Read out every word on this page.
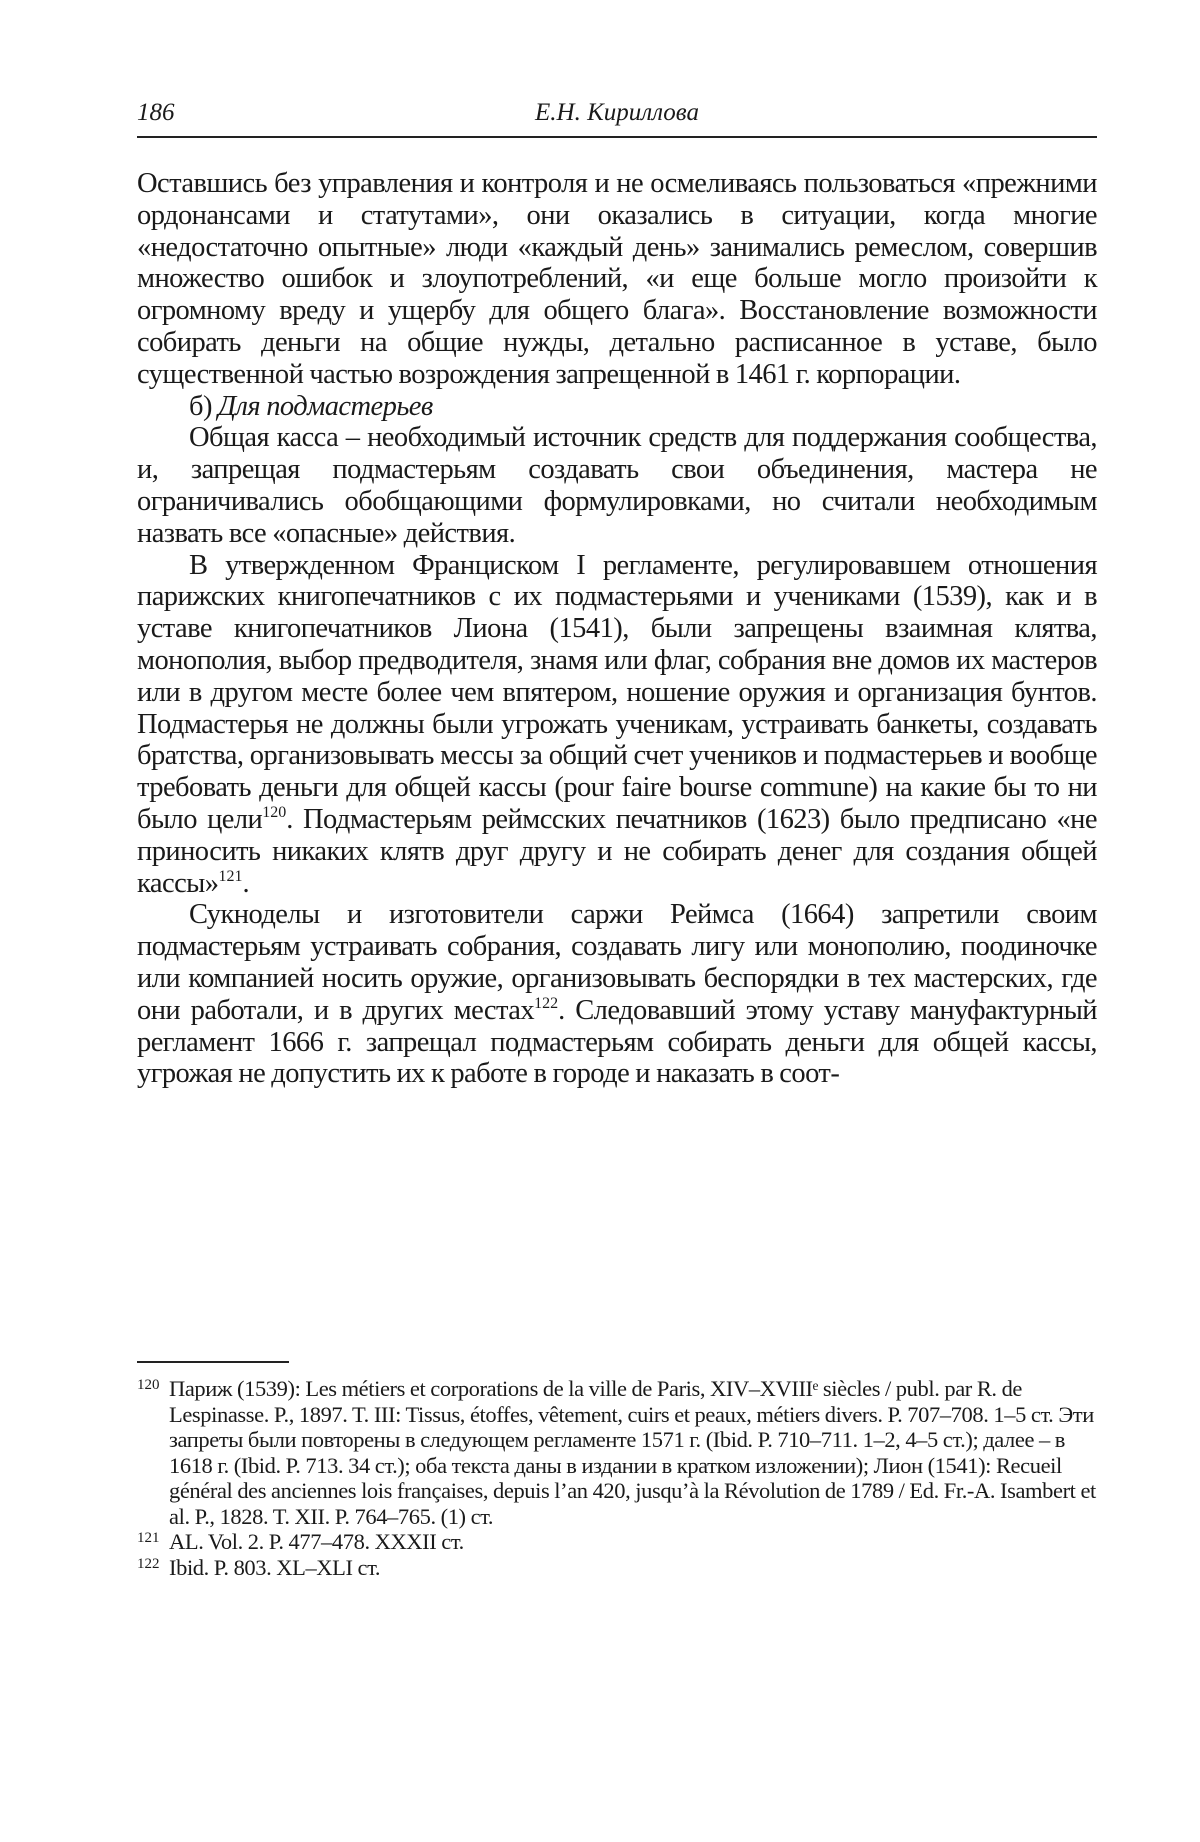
186	Е.Н. Кириллова

Оставшись без управления и контроля и не осмеливаясь пользоваться «прежними ордонансами и статутами», они оказались в ситуации, когда многие «недостаточно опытные» люди «каждый день» занимались ремеслом, совершив множество ошибок и злоупотреблений, «и еще больше могло произойти к огромному вреду и ущербу для общего блага». Восстановление возможности собирать деньги на общие нужды, детально расписанное в уставе, было существенной частью возрождения запрещенной в 1461 г. корпорации.

б) Для подмастерьев

Общая касса – необходимый источник средств для поддержания сообщества, и, запрещая подмастерьям создавать свои объединения, мастера не ограничивались обобщающими формулировками, но считали необходимым назвать все «опасные» действия.

В утвержденном Франциском I регламенте, регулировавшем отношения парижских книгопечатников с их подмастерьями и учениками (1539), как и в уставе книгопечатников Лиона (1541), были запрещены взаимная клятва, монополия, выбор предводителя, знамя или флаг, собрания вне домов их мастеров или в другом месте более чем впятером, ношение оружия и организация бунтов. Подмастерья не должны были угрожать ученикам, устраивать банкеты, создавать братства, организовывать мессы за общий счет учеников и подмастерьев и вообще требовать деньги для общей кассы (pour faire bourse commune) на какие бы то ни было цели$^{120}$. Подмастерьям реймсских печатников (1623) было предписано «не приносить никаких клятв друг другу и не собирать денег для создания общей кассы»$^{121}$.

Сукноделы и изготовители саржи Реймса (1664) запретили своим подмастерьям устраивать собрания, создавать лигу или монополию, поодиночке или компанией носить оружие, организовывать беспорядки в тех мастерских, где они работали, и в других местах$^{122}$. Следовавший этому уставу мануфактурный регламент 1666 г. запрещал подмастерьям собирать деньги для общей кассы, угрожая не допустить их к работе в городе и наказать в соот-

120 Париж (1539): Les métiers et corporations de la ville de Paris, XIV–XVIIIᵉ siècles / publ. par R. de Lespinasse. P., 1897. T. III: Tissus, étoffes, vêtement, cuirs et peaux, métiers divers. P. 707–708. 1–5 ст. Эти запреты были повторены в следующем регламенте 1571 г. (Ibid. P. 710–711. 1–2, 4–5 ст.); далее – в 1618 г. (Ibid. P. 713. 34 ст.); оба текста даны в издании в кратком изложении); Лион (1541): Recueil général des anciennes lois françaises, depuis l’an 420, jusqu’à la Révolution de 1789 / Ed. Fr.-A. Isambert et al. P., 1828. T. XII. P. 764–765. (1) ст.
121 AL. Vol. 2. P. 477–478. XXXII ст.
122 Ibid. P. 803. XL–XLI ст.
